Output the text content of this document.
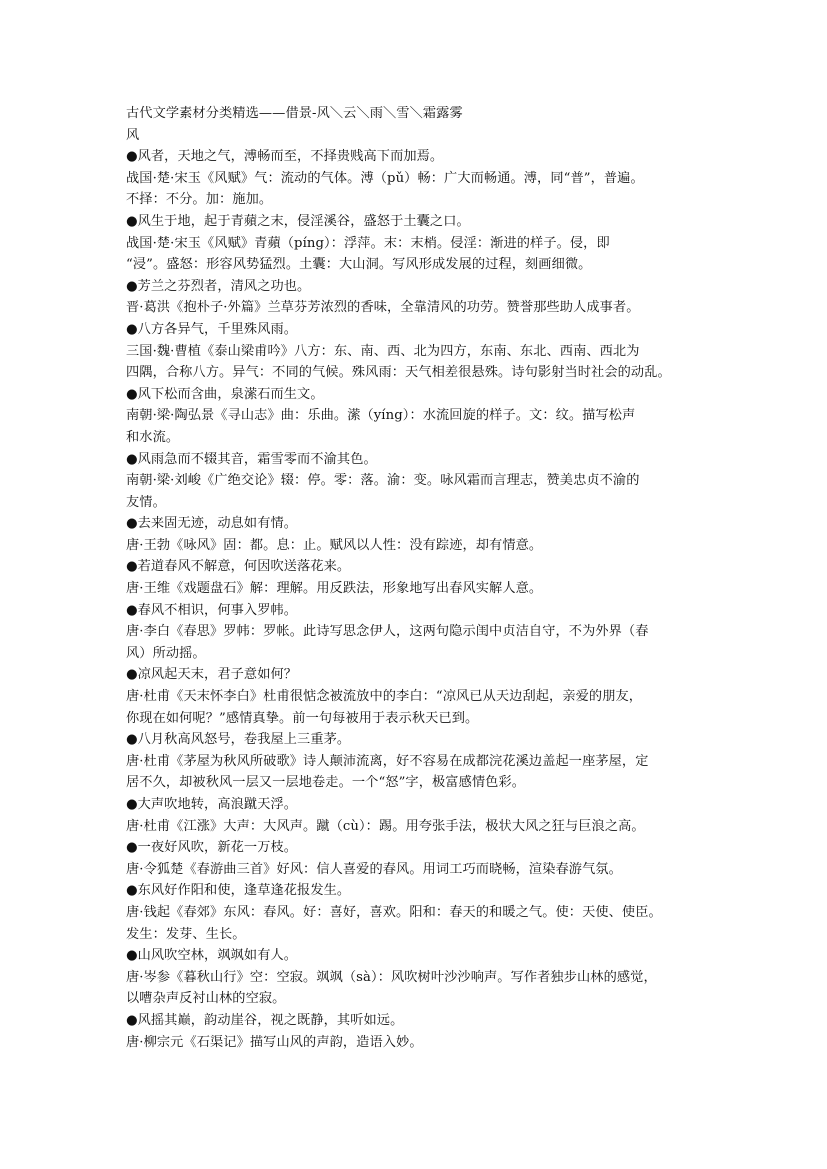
古代文学素材分类精选——借景-风＼云＼雨＼雪＼霜露雾

风

●风者，天地之气，溥畅而至，不择贵贱高下而加焉。

战国·楚·宋玉《风赋》气：流动的气体。溥（pǔ）畅：广大而畅通。溥，同“普”，普遍。

不择：不分。加：施加。

●风生于地，起于青蘋之末，侵淫溪谷，盛怒于土囊之口。

战国·楚·宋玉《风赋》青蘋（píng）：浮萍。末：末梢。侵淫：渐进的样子。侵，即

“浸”。盛怒：形容风势猛烈。土囊：大山洞。写风形成发展的过程，刻画细微。

●芳兰之芬烈者，清风之功也。

晋·葛洪《抱朴子·外篇》兰草芬芳浓烈的香味，全靠清风的功劳。赞誉那些助人成事者。

●八方各异气，千里殊风雨。

三国·魏·曹植《泰山梁甫吟》八方：东、南、西、北为四方，东南、东北、西南、西北为

四隅，合称八方。异气：不同的气候。殊风雨：天气相差很悬殊。诗句影射当时社会的动乱。

●风下松而含曲，泉潆石而生文。

南朝·梁·陶弘景《寻山志》曲：乐曲。潆（yíng）：水流回旋的样子。文：纹。描写松声

和水流。

●风雨急而不辍其音，霜雪零而不渝其色。

南朝·梁·刘峻《广绝交论》辍：停。零：落。渝：变。咏风霜而言理志，赞美忠贞不渝的

友情。

●去来固无迹，动息如有情。

唐·王勃《咏风》固：都。息：止。赋风以人性：没有踪迹，却有情意。

●若道春风不解意，何因吹送落花来。

唐·王维《戏题盘石》解：理解。用反跌法，形象地写出春风实解人意。

●春风不相识，何事入罗帏。

唐·李白《春思》罗帏：罗帐。此诗写思念伊人，这两句隐示闺中贞洁自守，不为外界（春

风）所动摇。

●凉风起天末，君子意如何？

唐·杜甫《天末怀李白》杜甫很惦念被流放中的李白：“凉风已从天边刮起，亲爱的朋友，

你现在如何呢？”感情真挚。前一句每被用于表示秋天已到。

●八月秋高风怒号，卷我屋上三重茅。

唐·杜甫《茅屋为秋风所破歌》诗人颠沛流离，好不容易在成都浣花溪边盖起一座茅屋，定

居不久，却被秋风一层又一层地卷走。一个“怒”字，极富感情色彩。

●大声吹地转，高浪蹴天浮。

唐·杜甫《江涨》大声：大风声。蹴（cù）：踢。用夸张手法，极状大风之狂与巨浪之高。

●一夜好风吹，新花一万枝。

唐·令狐楚《春游曲三首》好风：信人喜爱的春风。用词工巧而晓畅，渲染春游气氛。

●东风好作阳和使，逢草逢花报发生。

唐·钱起《春郊》东风：春风。好：喜好，喜欢。阳和：春天的和暖之气。使：天使、使臣。

发生：发芽、生长。

●山风吹空林，飒飒如有人。

唐·岑参《暮秋山行》空：空寂。飒飒（sà）：风吹树叶沙沙响声。写作者独步山林的感觉，

以嘈杂声反衬山林的空寂。

●风摇其巅，韵动崖谷，视之既静，其听如远。

唐·柳宗元《石渠记》描写山风的声韵，造语入妙。
